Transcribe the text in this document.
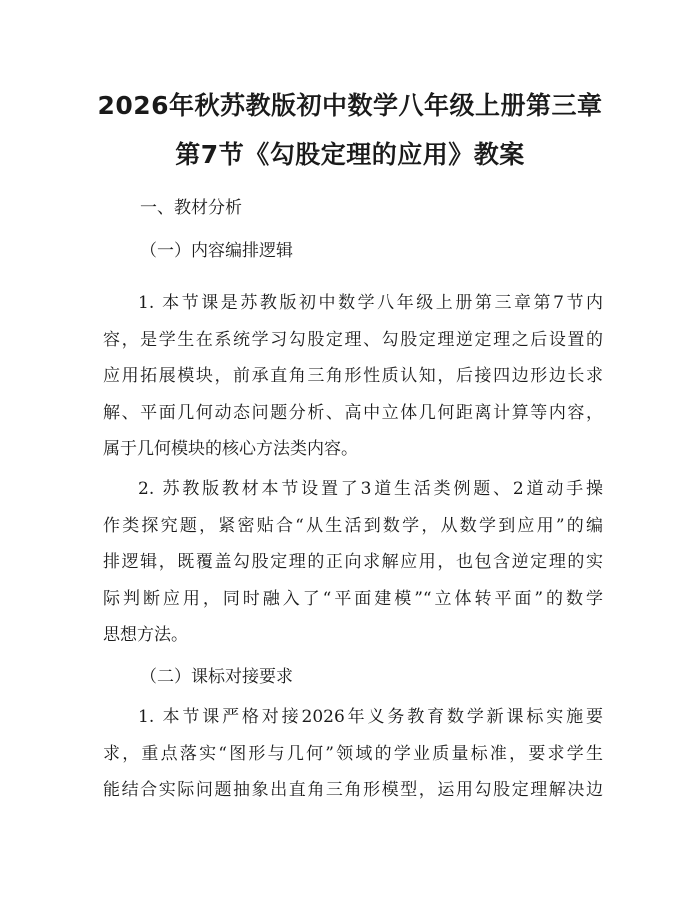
2026年秋苏教版初中数学八年级上册第三章
第7节《勾股定理的应用》教案
一、教材分析
（一）内容编排逻辑
1. 本节课是苏教版初中数学八年级上册第三章第7节内
容，是学生在系统学习勾股定理、勾股定理逆定理之后设置的
应用拓展模块，前承直角三角形性质认知，后接四边形边长求
解、平面几何动态问题分析、高中立体几何距离计算等内容，
属于几何模块的核心方法类内容。
2. 苏教版教材本节设置了3道生活类例题、2道动手操
作类探究题，紧密贴合“从生活到数学，从数学到应用”的编
排逻辑，既覆盖勾股定理的正向求解应用，也包含逆定理的实
际判断应用，同时融入了“平面建模”“立体转平面”的数学
思想方法。
（二）课标对接要求
1. 本节课严格对接2026年义务教育数学新课标实施要
求，重点落实“图形与几何”领域的学业质量标准，要求学生
能结合实际问题抽象出直角三角形模型，运用勾股定理解决边
